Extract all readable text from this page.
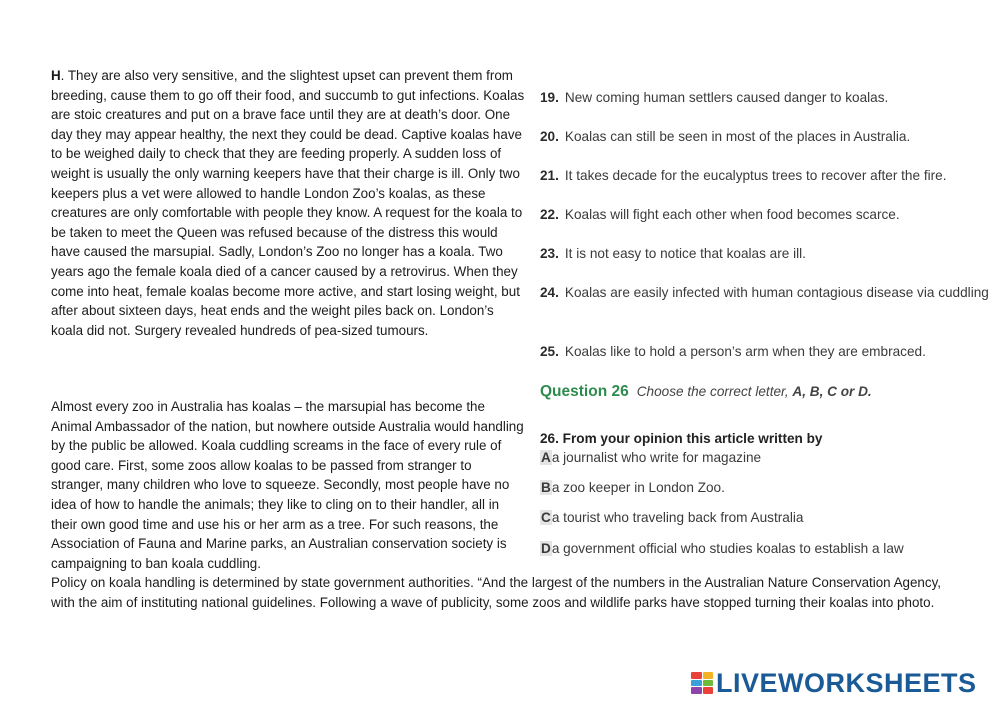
H. They are also very sensitive, and the slightest upset can prevent them from breeding, cause them to go off their food, and succumb to gut infections. Koalas are stoic creatures and put on a brave face until they are at death’s door. One day they may appear healthy, the next they could be dead. Captive koalas have to be weighed daily to check that they are feeding properly. A sudden loss of weight is usually the only warning keepers have that their charge is ill. Only two keepers plus a vet were allowed to handle London Zoo’s koalas, as these creatures are only comfortable with people they know. A request for the koala to be taken to meet the Queen was refused because of the distress this would have caused the marsupial. Sadly, London’s Zoo no longer has a koala. Two years ago the female koala died of a cancer caused by a retrovirus. When they come into heat, female koalas become more active, and start losing weight, but after about sixteen days, heat ends and the weight piles back on. London’s koala did not. Surgery revealed hundreds of pea-sized tumours.

Almost every zoo in Australia has koalas – the marsupial has become the Animal Ambassador of the nation, but nowhere outside Australia would handling by the public be allowed. Koala cuddling screams in the face of every rule of good care. First, some zoos allow koalas to be passed from stranger to stranger, many children who love to squeeze. Secondly, most people have no idea of how to handle the animals; they like to cling on to their handler, all in their own good time and use his or her arm as a tree. For such reasons, the Association of Fauna and Marine parks, an Australian conservation society is campaigning to ban koala cuddling.

Policy on koala handling is determined by state government authorities. “And the largest of the numbers in the Australian Nature Conservation Agency, with the aim of instituting national guidelines. Following a wave of publicity, some zoos and wildlife parks have stopped turning their koalas into photo.

19. New coming human settlers caused danger to koalas.
20. Koalas can still be seen in most of the places in Australia.
21. It takes decade for the eucalyptus trees to recover after the fire.
22. Koalas will fight each other when food becomes scarce.
23. It is not easy to notice that koalas are ill.
24. Koalas are easily infected with human contagious disease via cuddling
25. Koalas like to hold a person’s arm when they are embraced.
Question 26 Choose the correct letter, A, B, C or D.
26. From your opinion this article written by
Aa journalist who write for magazine
Ba zoo keeper in London Zoo.
Ca tourist who traveling back from Australia
Da government official who studies koalas to establish a law
LIVEWORKSHEETS
